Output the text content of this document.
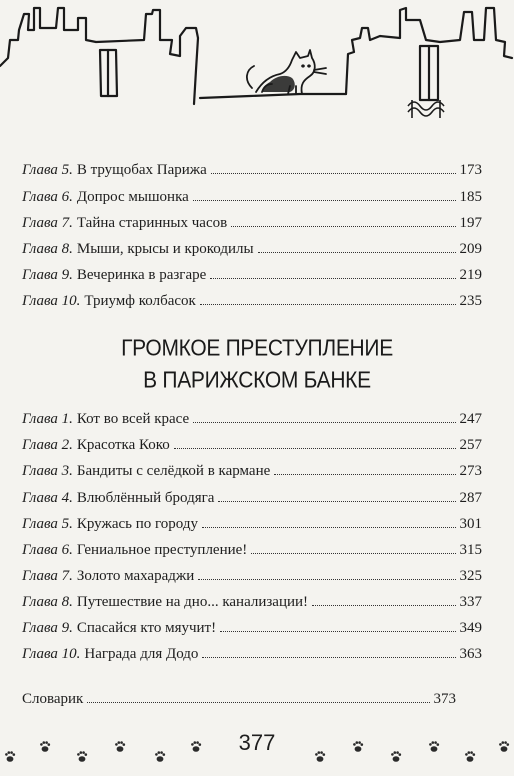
Глава 5. В трущобах Парижа	173
Глава 6. Допрос мышонка	185
Глава 7. Тайна старинных часов	197
Глава 8. Мыши, крысы и крокодилы	209
Глава 9. Вечеринка в разгаре	219
Глава 10. Триумф колбасок	235
ГРОМКОЕ ПРЕСТУПЛЕНИЕ
В ПАРИЖСКОМ БАНКЕ
Глава 1. Кот во всей красе	247
Глава 2. Красотка Коко	257
Глава 3. Бандиты с селёдкой в кармане	273
Глава 4. Влюблённый бродяга	287
Глава 5. Кружась по городу	301
Глава 6. Гениальное преступление!	315
Глава 7. Золото махараджи	325
Глава 8. Путешествие на дно... канализации!	337
Глава 9. Спасайся кто мяучит!	349
Глава 10. Награда для Додо	363
Словарик	373
377
